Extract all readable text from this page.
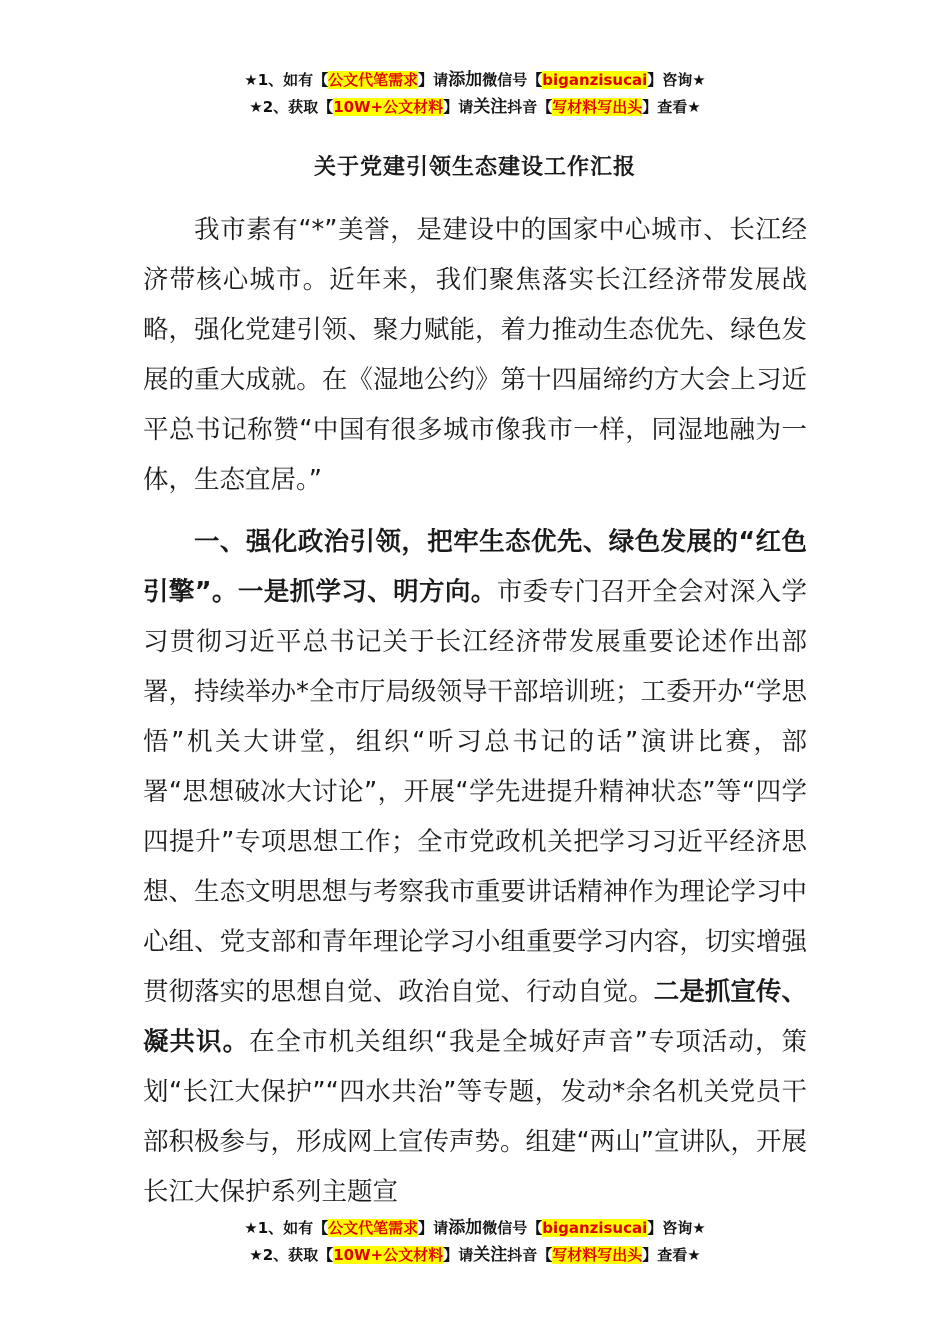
★1、如有【公文代笔需求】请添加微信号【biganzisucai】咨询★
★2、获取【10W+公文材料】请关注抖音【写材料写出头】查看★
关于党建引领生态建设工作汇报

我市素有“*”美誉，是建设中的国家中心城市、长江经济带核心城市。近年来，我们聚焦落实长江经济带发展战略，强化党建引领、聚力赋能，着力推动生态优先、绿色发展的重大成就。在《湿地公约》第十四届缔约方大会上习近平总书记称赞“中国有很多城市像我市一样，同湿地融为一体，生态宜居。”

一、强化政治引领，把牢生态优先、绿色发展的“红色引擎”。一是抓学习、明方向。市委专门召开全会对深入学习贯彻习近平总书记关于长江经济带发展重要论述作出部署，持续举办*全市厅局级领导干部培训班；工委开办“学思悟”机关大讲堂，组织“听习总书记的话”演讲比赛，部署“思想破冰大讨论”，开展“学先进提升精神状态”等“四学四提升”专项思想工作；全市党政机关把学习习近平经济思想、生态文明思想与考察我市重要讲话精神作为理论学习中心组、党支部和青年理论学习小组重要学习内容，切实增强贯彻落实的思想自觉、政治自觉、行动自觉。二是抓宣传、凝共识。在全市机关组织“我是全城好声音”专项活动，策划“长江大保护”“四水共治”等专题，发动*余名机关党员干部积极参与，形成网上宣传声势。组建“两山”宣讲队，开展长江大保护系列主题宣

★1、如有【公文代笔需求】请添加微信号【biganzisucai】咨询★
★2、获取【10W+公文材料】请关注抖音【写材料写出头】查看★
